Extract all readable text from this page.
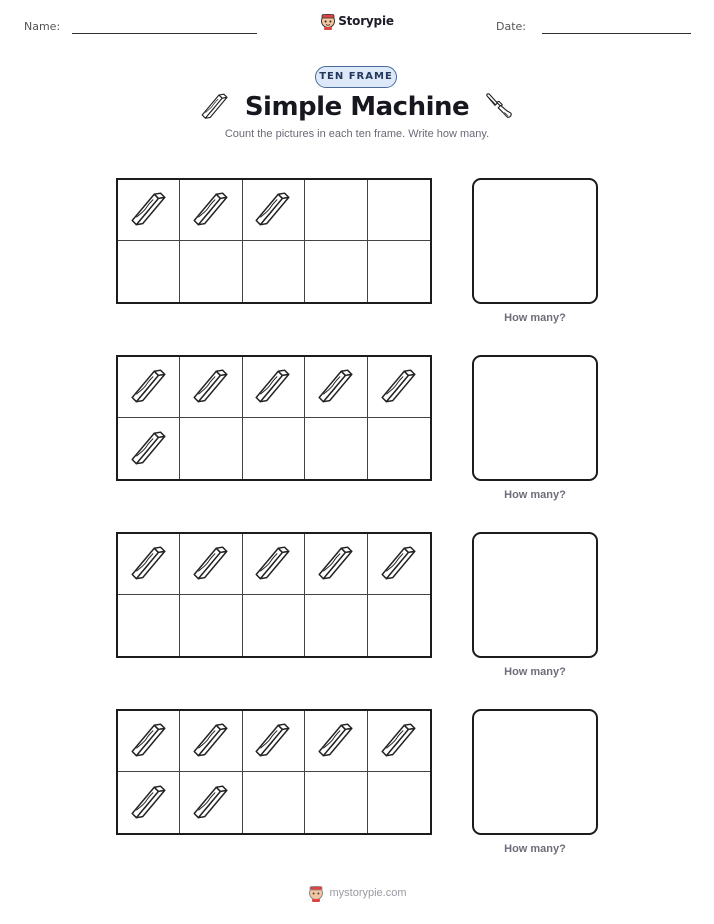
Name:	Storypie	Date:
TEN FRAME
Simple Machine
Count the pictures in each ten frame. Write how many.
How many?
How many?
How many?
How many?
mystorypie.com
